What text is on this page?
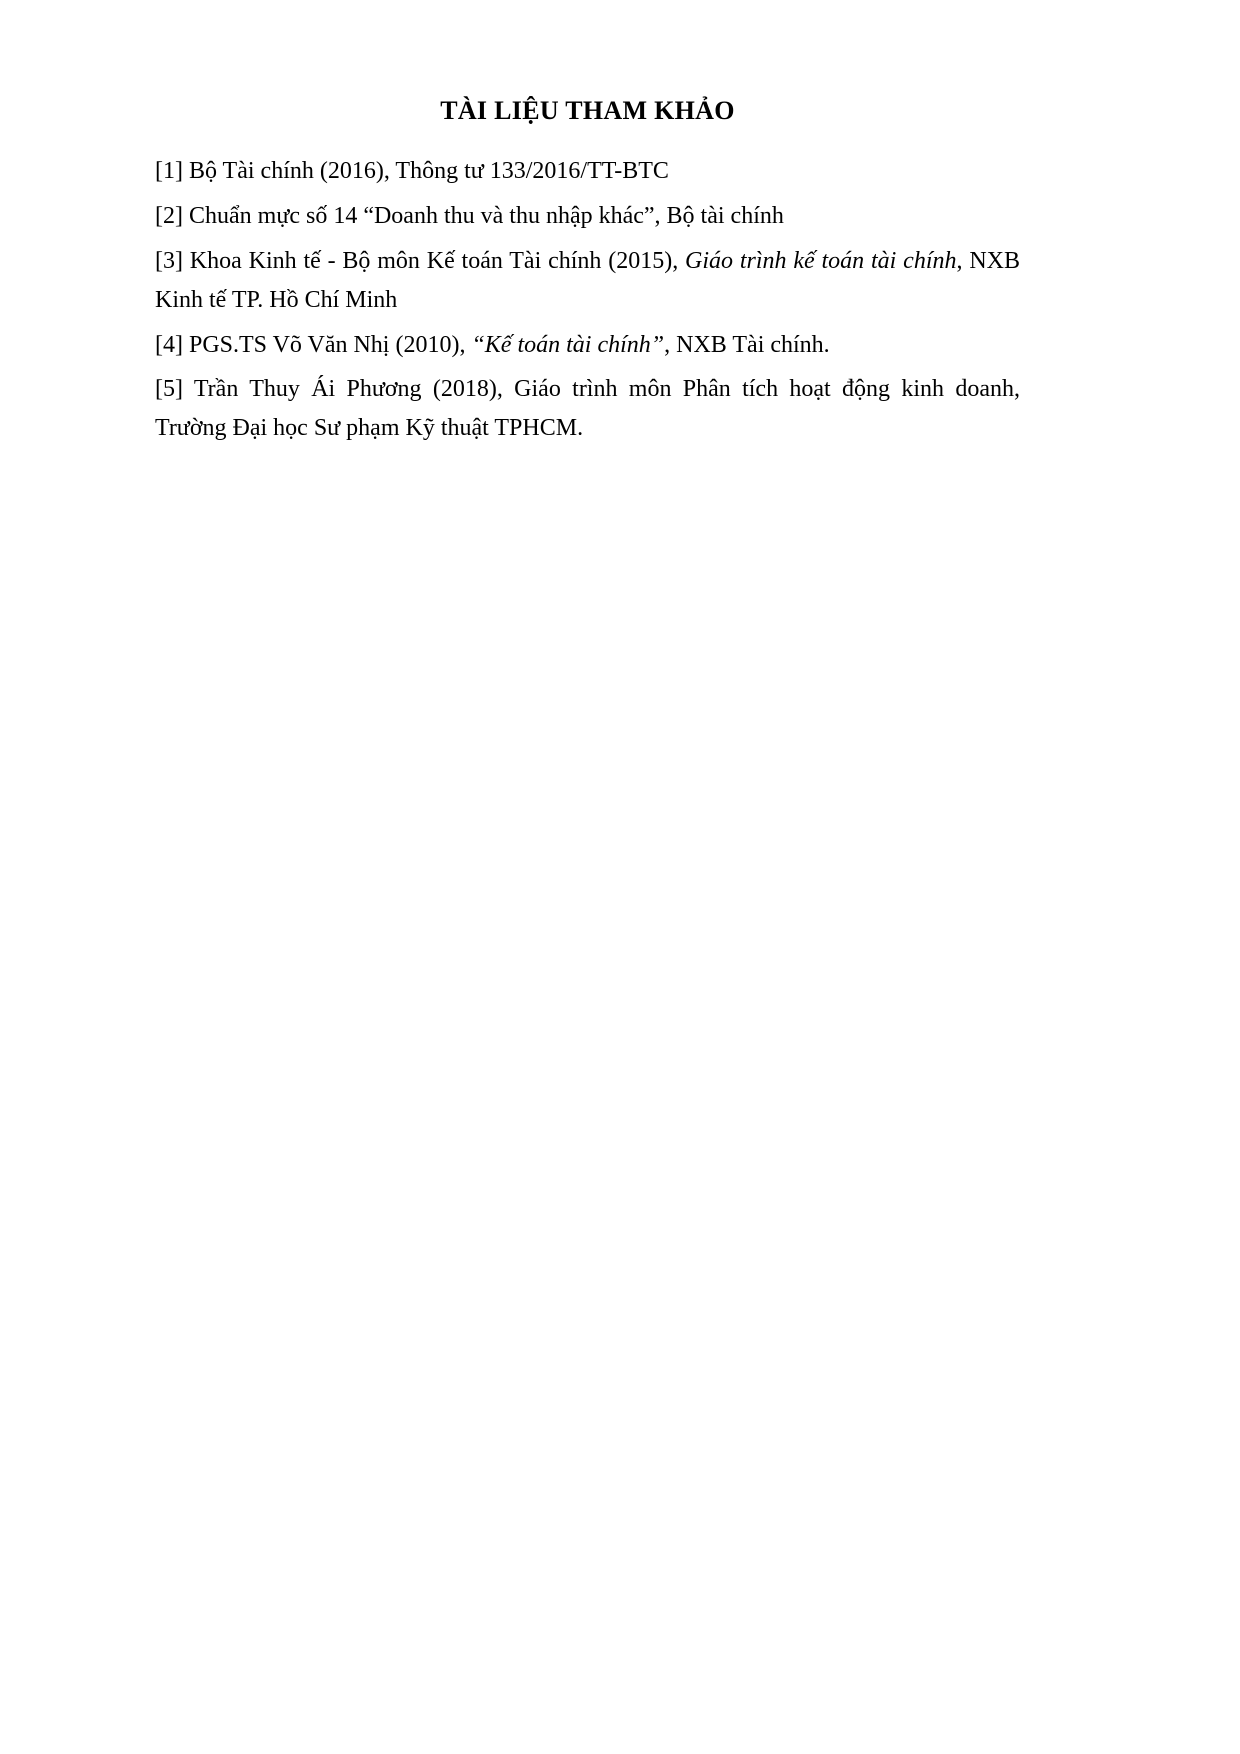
TÀI LIỆU THAM KHẢO
[1] Bộ Tài chính (2016), Thông tư 133/2016/TT-BTC
[2] Chuẩn mực số 14 “Doanh thu và thu nhập khác”, Bộ tài chính
[3] Khoa Kinh tế - Bộ môn Kế toán Tài chính (2015), Giáo trình kế toán tài chính, NXB Kinh tế TP. Hồ Chí Minh
[4] PGS.TS Võ Văn Nhị (2010), “Kế toán tài chính”, NXB Tài chính.
[5] Trần Thuy Ái Phương (2018), Giáo trình môn Phân tích hoạt động kinh doanh, Trường Đại học Sư phạm Kỹ thuật TPHCM.
